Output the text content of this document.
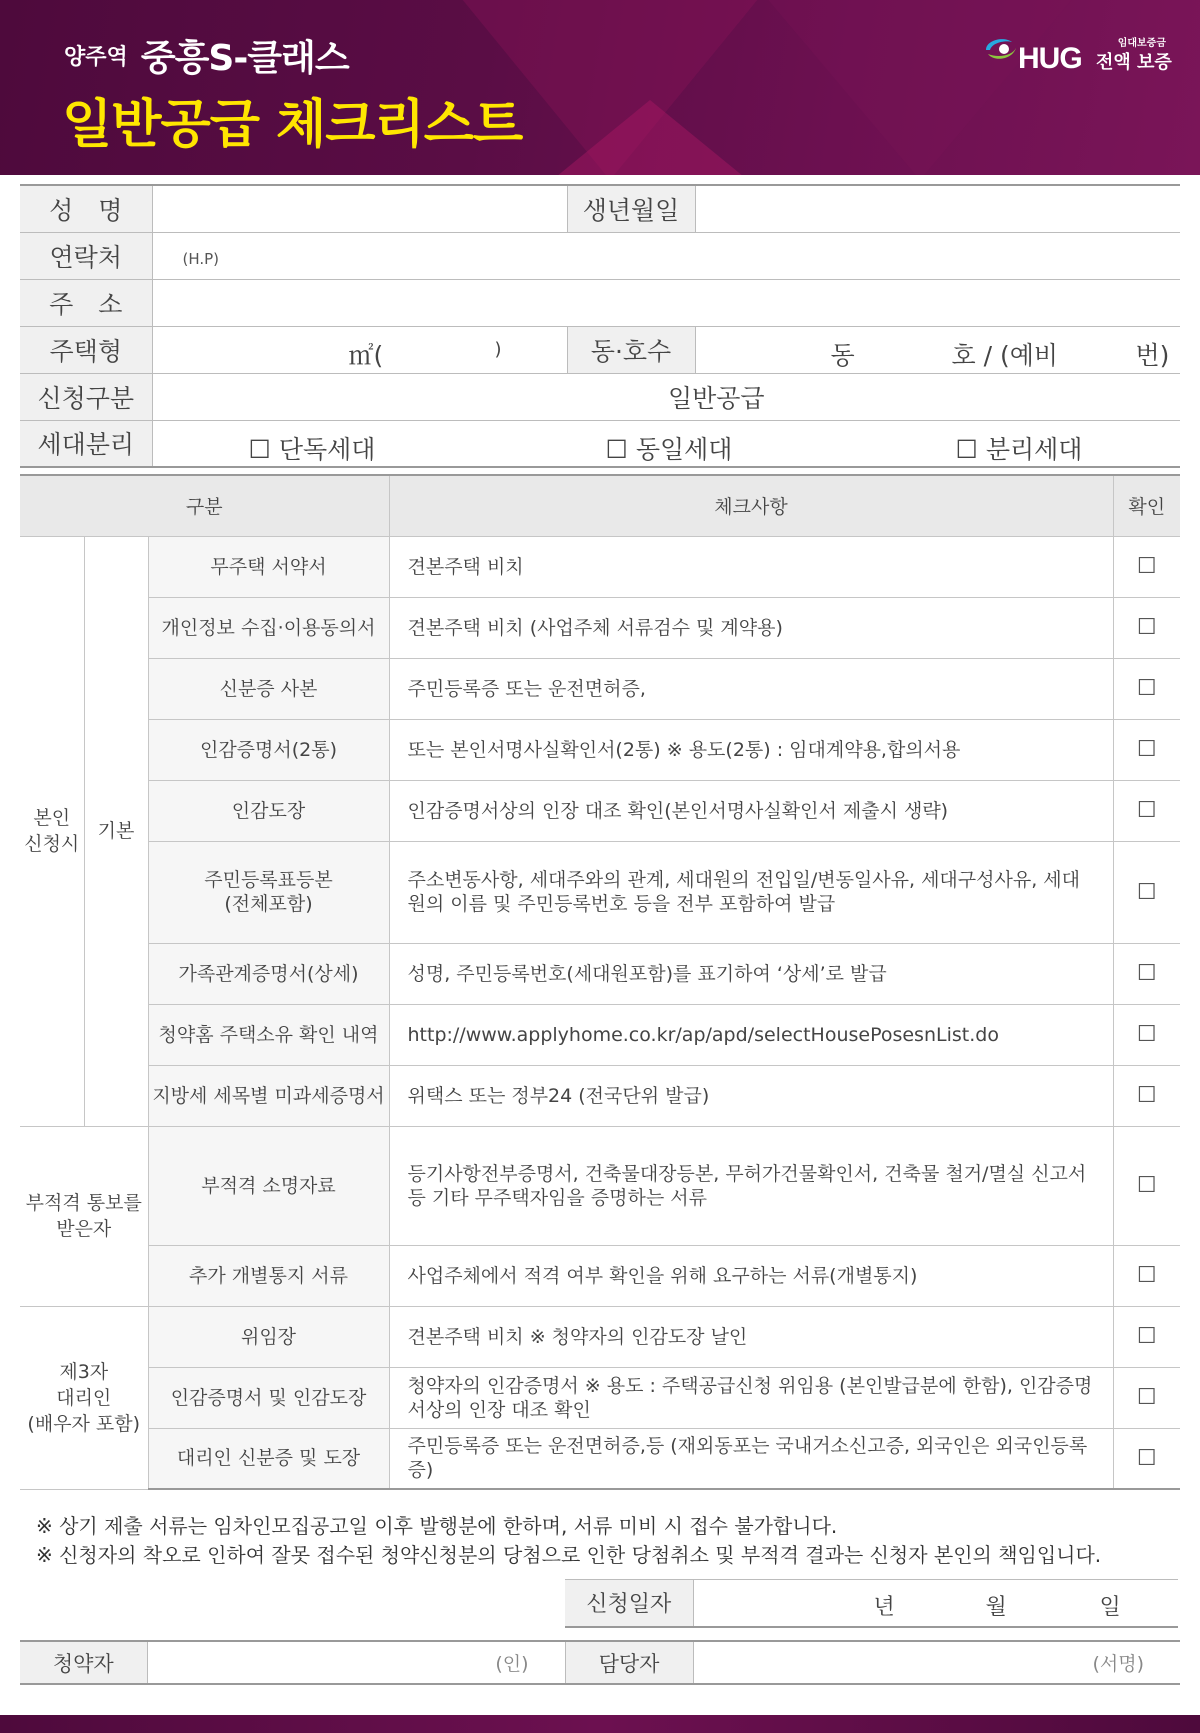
양주역 중흥S-클래스
일반공급 체크리스트
HUG	임대보증금
전액 보증
성　명		생년월일	
연락처	(H.P)		
주　소			
주택형	㎡( )	동·호수	동 호 / (예비 번)

신청구분	일반공급		
세대분리	☐ 단독세대 ☐ 동일세대 ☐ 분리세대		
구분			체크사항	확인
본인
신청시	기본	무주택 서약서	견본주택 비치	☐
		개인정보 수집·이용동의서	견본주택 비치 (사업주체 서류검수 및 계약용)	☐
		신분증 사본	주민등록증 또는 운전면허증,	☐
		인감증명서(2통)	또는 본인서명사실확인서(2통) ※ 용도(2통) : 임대계약용,합의서용	☐
		인감도장	인감증명서상의 인장 대조 확인(본인서명사실확인서 제출시 생략)	☐
		주민등록표등본
(전체포함)	주소변동사항, 세대주와의 관계, 세대원의 전입일/변동일사유, 세대구성사유, 세대원의 이름 및 주민등록번호 등을 전부 포함하여 발급	☐
		가족관계증명서(상세)	성명, 주민등록번호(세대원포함)를 표기하여 ‘상세’로 발급	☐
		청약홈 주택소유 확인 내역	http://www.applyhome.co.kr/ap/apd/selectHousePosesnList.do	☐
		지방세 세목별 미과세증명서	위택스 또는 정부24 (전국단위 발급)	☐
부적격 통보를
받은자		부적격 소명자료	등기사항전부증명서, 건축물대장등본, 무허가건물확인서, 건축물 철거/멸실 신고서 등 기타 무주택자임을 증명하는 서류	☐
		추가 개별통지 서류	사업주체에서 적격 여부 확인을 위해 요구하는 서류(개별통지)	☐
제3자
대리인
(배우자 포함)		위임장	견본주택 비치 ※ 청약자의 인감도장 날인	☐
		인감증명서 및 인감도장	청약자의 인감증명서 ※ 용도 : 주택공급신청 위임용 (본인발급분에 한함), 인감증명서상의 인장 대조 확인	☐
		대리인 신분증 및 도장	주민등록증 또는 운전면허증,등 (재외동포는 국내거소신고증, 외국인은 외국인등록증)	☐
※ 상기 제출 서류는 임차인모집공고일 이후 발행분에 한하며, 서류 미비 시 접수 불가합니다.
※ 신청자의 착오로 인하여 잘못 접수된 청약신청분의 당첨으로 인한 당첨취소 및 부적격 결과는 신청자 본인의 책임입니다.
신청일자	년	월	일
청약자	(인)	담당자	(서명)
